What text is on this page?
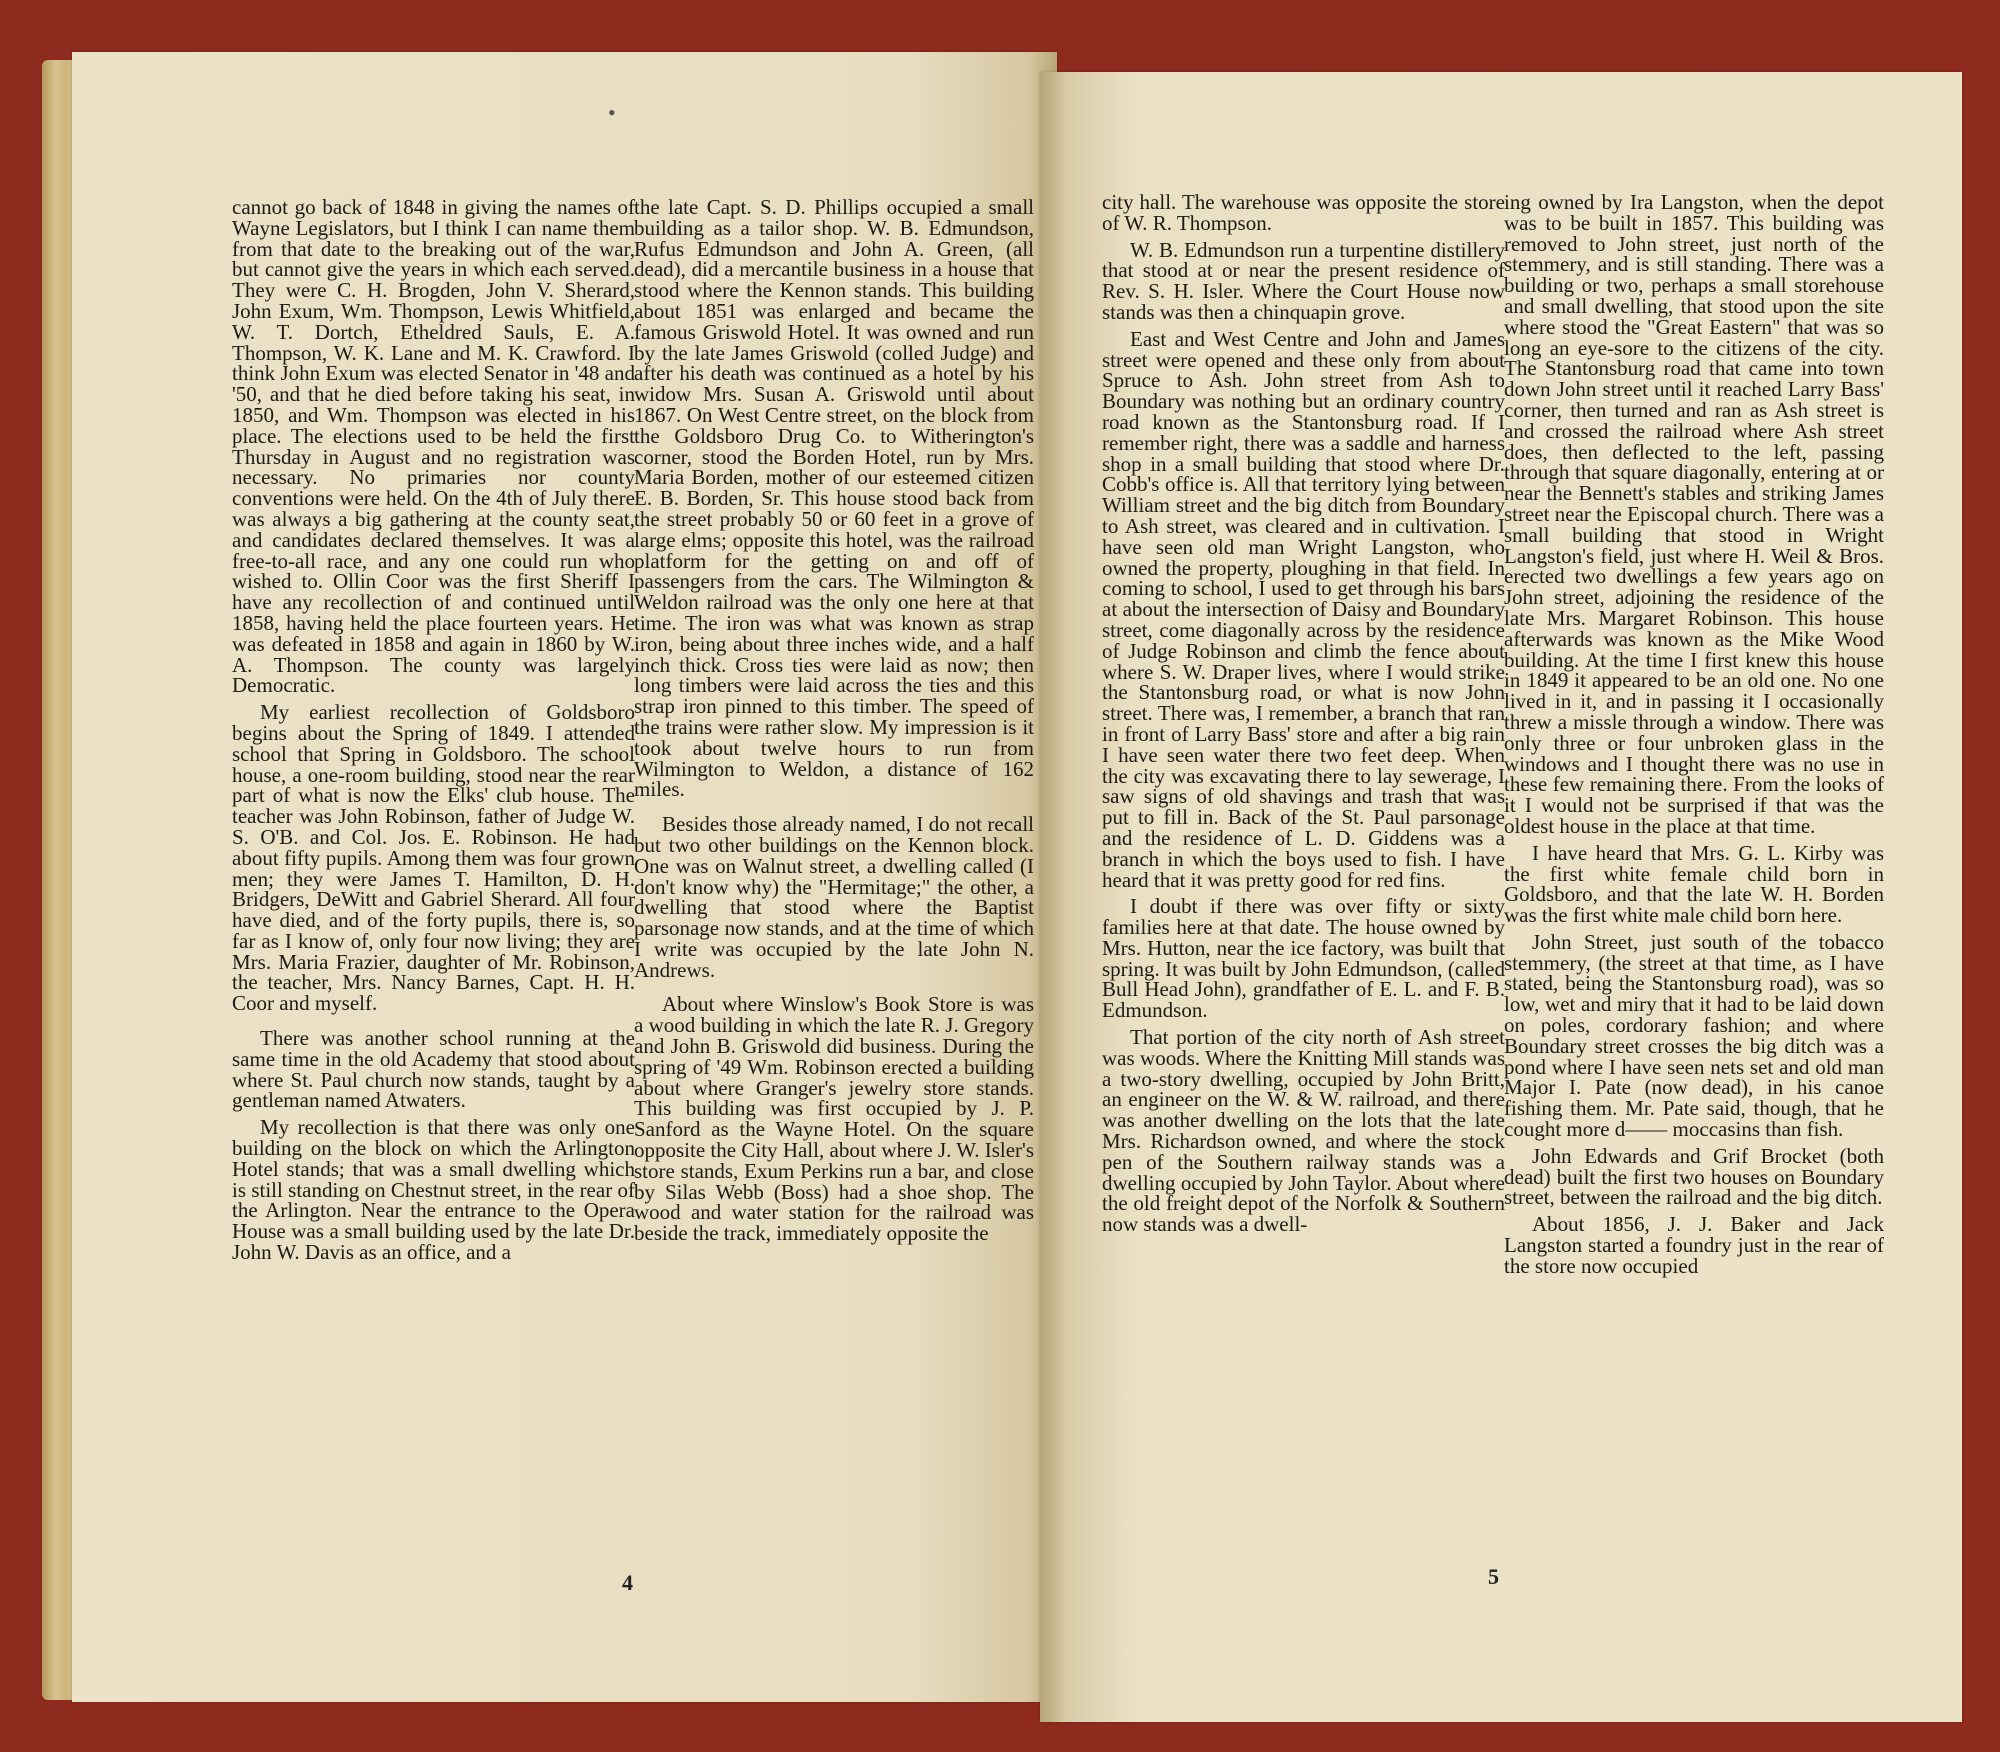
•

cannot go back of 1848 in giving the names of Wayne Legislators, but I think I can name them from that date to the breaking out of the war, but cannot give the years in which each served. They were C. H. Brogden, John V. Sherard, John Exum, Wm. Thompson, Lewis Whitfield, W. T. Dortch, Etheldred Sauls, E. A. Thompson, W. K. Lane and M. K. Crawford. I think John Exum was elected Senator in '48 and '50, and that he died before taking his seat, in 1850, and Wm. Thompson was elected in his place. The elections used to be held the first Thursday in August and no registration was necessary. No primaries nor county conventions were held. On the 4th of July there was always a big gathering at the county seat, and candidates declared themselves. It was a free-to-all race, and any one could run who wished to. Ollin Coor was the first Sheriff I have any recollection of and continued until 1858, having held the place fourteen years. He was defeated in 1858 and again in 1860 by W. A. Thompson. The county was largely Democratic.

My earliest recollection of Goldsboro begins about the Spring of 1849. I attended school that Spring in Goldsboro. The school house, a one-room building, stood near the rear part of what is now the Elks' club house. The teacher was John Robinson, father of Judge W. S. O'B. and Col. Jos. E. Robinson. He had about fifty pupils. Among them was four grown men; they were James T. Hamilton, D. H. Bridgers, DeWitt and Gabriel Sherard. All four have died, and of the forty pupils, there is, so far as I know of, only four now living; they are Mrs. Maria Frazier, daughter of Mr. Robinson, the teacher, Mrs. Nancy Barnes, Capt. H. H. Coor and myself.

There was another school running at the same time in the old Academy that stood about where St. Paul church now stands, taught by a gentleman named Atwaters.

My recollection is that there was only one building on the block on which the Arlington Hotel stands; that was a small dwelling which is still standing on Chestnut street, in the rear of the Arlington. Near the entrance to the Opera House was a small building used by the late Dr. John W. Davis as an office, and a

the late Capt. S. D. Phillips occupied a small building as a tailor shop. W. B. Edmundson, Rufus Edmundson and John A. Green, (all dead), did a mercantile business in a house that stood where the Kennon stands. This building about 1851 was enlarged and became the famous Griswold Hotel. It was owned and run by the late James Griswold (colled Judge) and after his death was continued as a hotel by his widow Mrs. Susan A. Griswold until about 1867. On West Centre street, on the block from the Goldsboro Drug Co. to Witherington's corner, stood the Borden Hotel, run by Mrs. Maria Borden, mother of our esteemed citizen E. B. Borden, Sr. This house stood back from the street probably 50 or 60 feet in a grove of large elms; opposite this hotel, was the railroad platform for the getting on and off of passengers from the cars. The Wilmington & Weldon railroad was the only one here at that time. The iron was what was known as strap iron, being about three inches wide, and a half inch thick. Cross ties were laid as now; then long timbers were laid across the ties and this strap iron pinned to this timber. The speed of the trains were rather slow. My impression is it took about twelve hours to run from Wilmington to Weldon, a distance of 162 miles.

Besides those already named, I do not recall but two other buildings on the Kennon block. One was on Walnut street, a dwelling called (I don't know why) the "Hermitage;" the other, a dwelling that stood where the Baptist parsonage now stands, and at the time of which I write was occupied by the late John N. Andrews.

About where Winslow's Book Store is was a wood building in which the late R. J. Gregory and John B. Griswold did business. During the spring of '49 Wm. Robinson erected a building about where Granger's jewelry store stands. This building was first occupied by J. P. Sanford as the Wayne Hotel. On the square opposite the City Hall, about where J. W. Isler's store stands, Exum Perkins run a bar, and close by Silas Webb (Boss) had a shoe shop. The wood and water station for the railroad was beside the track, immediately opposite the

4

city hall. The warehouse was opposite the store of W. R. Thompson.

W. B. Edmundson run a turpentine distillery that stood at or near the present residence of Rev. S. H. Isler. Where the Court House now stands was then a chinquapin grove.

East and West Centre and John and James street were opened and these only from about Spruce to Ash. John street from Ash to Boundary was nothing but an ordinary country road known as the Stantonsburg road. If I remember right, there was a saddle and harness shop in a small building that stood where Dr. Cobb's office is. All that territory lying between William street and the big ditch from Boundary to Ash street, was cleared and in cultivation. I have seen old man Wright Langston, who owned the property, ploughing in that field. In coming to school, I used to get through his bars at about the intersection of Daisy and Boundary street, come diagonally across by the residence of Judge Robinson and climb the fence about where S. W. Draper lives, where I would strike the Stantonsburg road, or what is now John street. There was, I remember, a branch that ran in front of Larry Bass' store and after a big rain I have seen water there two feet deep. When the city was excavating there to lay sewerage, I saw signs of old shavings and trash that was put to fill in. Back of the St. Paul parsonage and the residence of L. D. Giddens was a branch in which the boys used to fish. I have heard that it was pretty good for red fins.

I doubt if there was over fifty or sixty families here at that date. The house owned by Mrs. Hutton, near the ice factory, was built that spring. It was built by John Edmundson, (called Bull Head John), grandfather of E. L. and F. B. Edmundson.

That portion of the city north of Ash street was woods. Where the Knitting Mill stands was a two-story dwelling, occupied by John Britt, an engineer on the W. & W. railroad, and there was another dwelling on the lots that the late Mrs. Richardson owned, and where the stock pen of the Southern railway stands was a dwelling occupied by John Taylor. About where the old freight depot of the Norfolk & Southern now stands was a dwell-

ing owned by Ira Langston, when the depot was to be built in 1857. This building was removed to John street, just north of the stemmery, and is still standing. There was a building or two, perhaps a small storehouse and small dwelling, that stood upon the site where stood the "Great Eastern" that was so long an eye-sore to the citizens of the city. The Stantonsburg road that came into town down John street until it reached Larry Bass' corner, then turned and ran as Ash street is and crossed the railroad where Ash street does, then deflected to the left, passing through that square diagonally, entering at or near the Bennett's stables and striking James street near the Episcopal church. There was a small building that stood in Wright Langston's field, just where H. Weil & Bros. erected two dwellings a few years ago on John street, adjoining the residence of the late Mrs. Margaret Robinson. This house afterwards was known as the Mike Wood building. At the time I first knew this house in 1849 it appeared to be an old one. No one lived in it, and in passing it I occasionally threw a missle through a window. There was only three or four unbroken glass in the windows and I thought there was no use in these few remaining there. From the looks of it I would not be surprised if that was the oldest house in the place at that time.

I have heard that Mrs. G. L. Kirby was the first white female child born in Goldsboro, and that the late W. H. Borden was the first white male child born here.

John Street, just south of the tobacco stemmery, (the street at that time, as I have stated, being the Stantonsburg road), was so low, wet and miry that it had to be laid down on poles, cordorary fashion; and where Boundary street crosses the big ditch was a pond where I have seen nets set and old man Major I. Pate (now dead), in his canoe fishing them. Mr. Pate said, though, that he cought more d—— moccasins than fish.

John Edwards and Grif Brocket (both dead) built the first two houses on Boundary street, between the railroad and the big ditch.

About 1856, J. J. Baker and Jack Langston started a foundry just in the rear of the store now occupied

5
